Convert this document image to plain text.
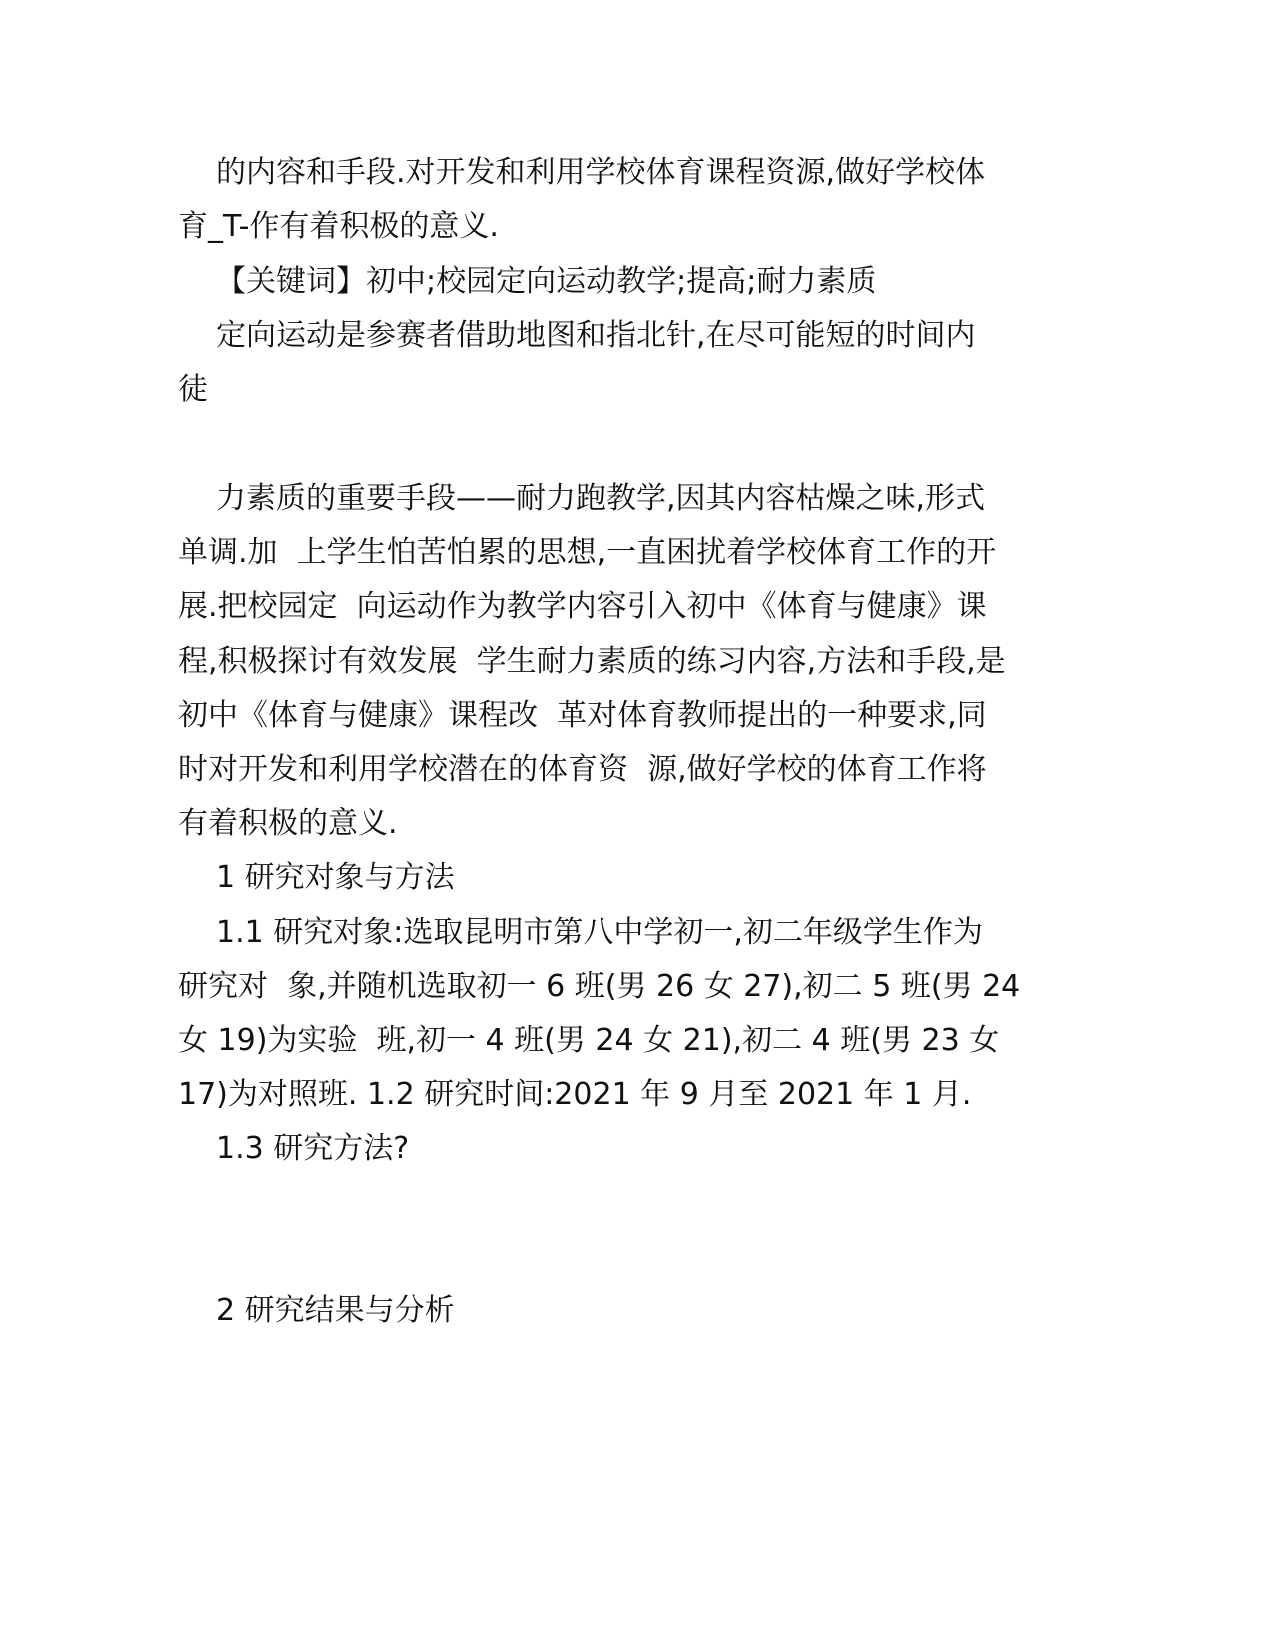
的内容和手段.对开发和利用学校体育课程资源,做好学校体
育_T-作有着积极的意义.
【关键词】初中;校园定向运动教学;提高;耐力素质
定向运动是参赛者借助地图和指北针,在尽可能短的时间内
徒
力素质的重要手段——耐力跑教学,因其内容枯燥之味,形式
单调.加  上学生怕苦怕累的思想,一直困扰着学校体育工作的开
展.把校园定  向运动作为教学内容引入初中《体育与健康》课
程,积极探讨有效发展  学生耐力素质的练习内容,方法和手段,是
初中《体育与健康》课程改  革对体育教师提出的一种要求,同
时对开发和利用学校潜在的体育资  源,做好学校的体育工作将
有着积极的意义.
1 研究对象与方法
1.1 研究对象:选取昆明市第八中学初一,初二年级学生作为
研究对  象,并随机选取初一 6 班(男 26 女 27),初二 5 班(男 24
女 19)为实验  班,初一 4 班(男 24 女 21),初二 4 班(男 23 女
17)为对照班. 1.2 研究时间:2021 年 9 月至 2021 年 1 月.
1.3 研究方法?
2 研究结果与分析
